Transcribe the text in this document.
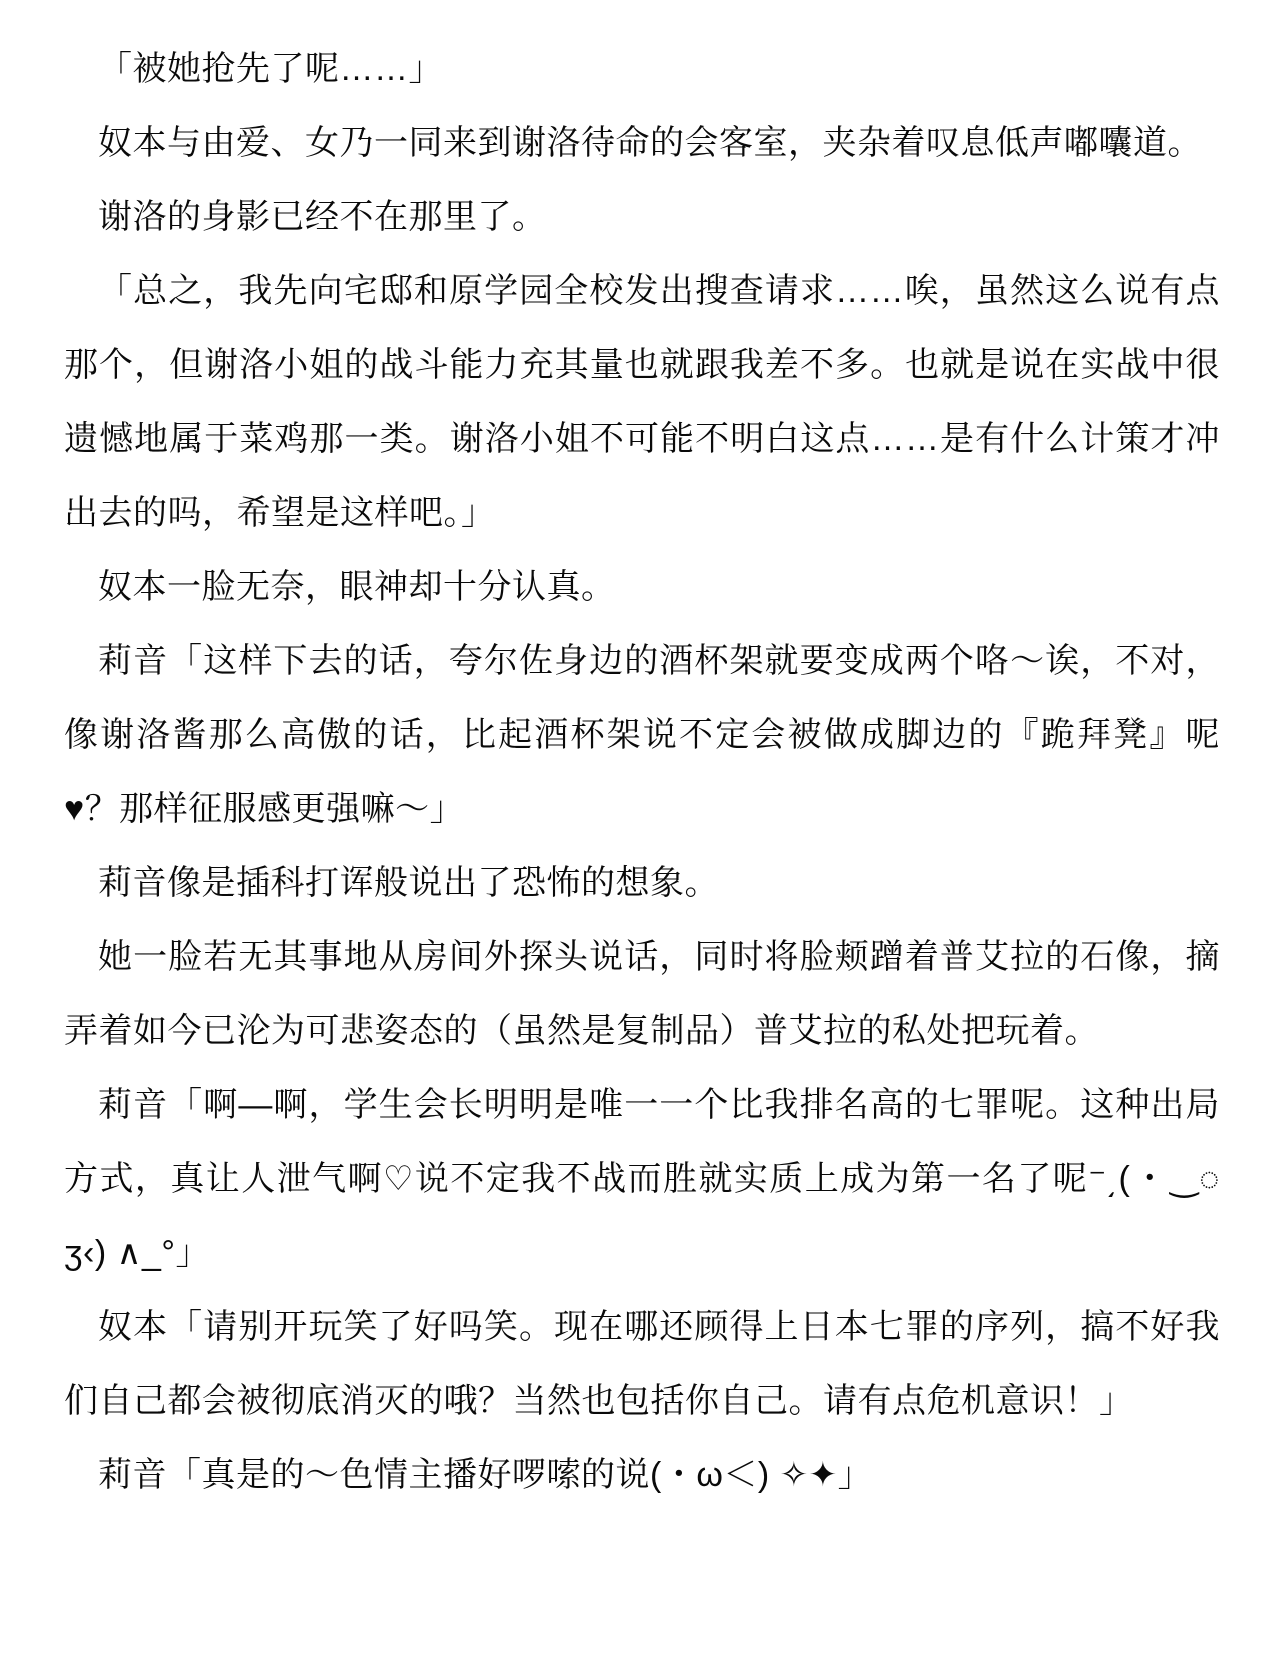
「被她抢先了呢……」

奴本与由爱、女乃一同来到谢洛待命的会客室，夹杂着叹息低声嘟囔道。

谢洛的身影已经不在那里了。

「总之，我先向宅邸和原学园全校发出搜查请求……唉，虽然这么说有点那个，但谢洛小姐的战斗能力充其量也就跟我差不多。也就是说在实战中很遗憾地属于菜鸡那一类。谢洛小姐不可能不明白这点……是有什么计策才冲出去的吗，希望是这样吧。」

奴本一脸无奈，眼神却十分认真。

莉音「这样下去的话，夸尔佐身边的酒杯架就要变成两个咯～诶，不对，像谢洛酱那么高傲的话，比起酒杯架说不定会被做成脚边的『跪拜凳』呢♥？那样征服感更强嘛～」

莉音像是插科打诨般说出了恐怖的想象。

她一脸若无其事地从房间外探头说话，同时将脸颊蹭着普艾拉的石像，摘弄着如今已沦为可悲姿态的（虽然是复制品）普艾拉的私处把玩着。

莉音「啊—啊，学生会长明明是唯一一个比我排名高的七罪呢。这种出局方式，真让人泄气啊♡说不定我不战而胜就实质上成为第一名了呢⁻͵( ･ ‿◌ӡ‹) ∧_°」

奴本「请别开玩笑了好吗笑。现在哪还顾得上日本七罪的序列，搞不好我们自己都会被彻底消灭的哦？当然也包括你自己。请有点危机意识！」

莉音「真是的～色情主播好啰嗦的说(・ω＜) ✧✦」
